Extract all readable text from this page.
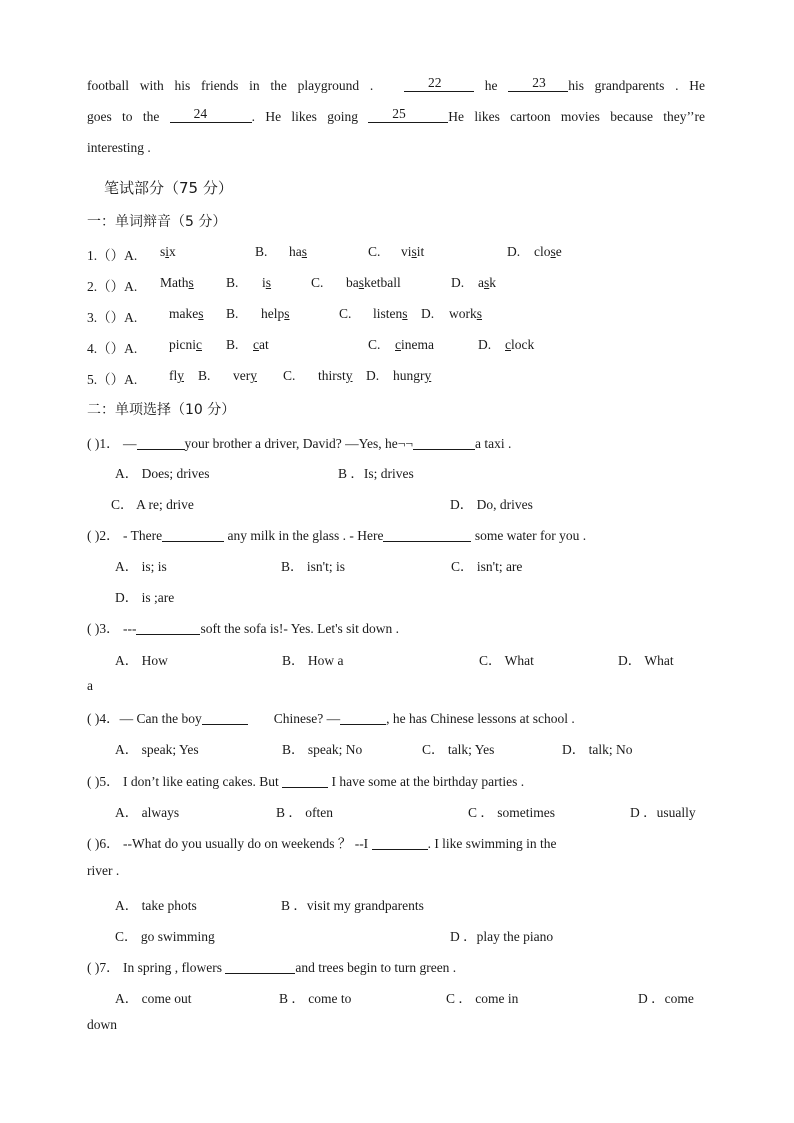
football with his friends in the playground .	22	he	23 his grandparents . He
goes to the	24	. He likes going	25	He likes cartoon movies because they’’re
interesting .
笔试部分（75 分）
一：单词辩音（5 分）
1.（）A. six	B. has	C. visit	D. close
2.（）A. Maths B. is	C. basketball	D. ask
3.（）A. makes B. helps	C. listens D. works
4.（）A. picnic B. cat	C. cinema	D. clock
5.（）A. fly B. very C. thirsty D. hungry
二：单项选择（10 分）
( )1． —	your brother a driver, David? —Yes, he¬¬	a taxi .
A． Does; drives	B ．Is; drives
C． A re; drive	D． Do, drives
( )2． - There	any milk in the glass . - Here	some water for you .
A． is; is	B． isn't; is	C． isn't; are
D． is ;are
( )3． ---	soft the sofa is!- Yes. Let's sit down .
A． How	B． How a	C． What	D． What
a
( )4．— Can the boy	Chinese? —	, he has Chinese lessons at school .
A． speak; Yes	B． speak; No	C． talk; Yes	D． talk; No
( )5． I don’t like eating cakes. But	I have some at the birthday parties .
A． always	B ． often	C ． sometimes	D ．usually
( )6． --What do you usually do on weekends ？ --I	. I like swimming in the
river .
A． take phots	B ．visit my grandparents
C． go swimming	D ．play the piano
( )7． In spring , flowers	and trees begin to turn green .
A． come out	B ． come to	C ． come in	D ．come
down
